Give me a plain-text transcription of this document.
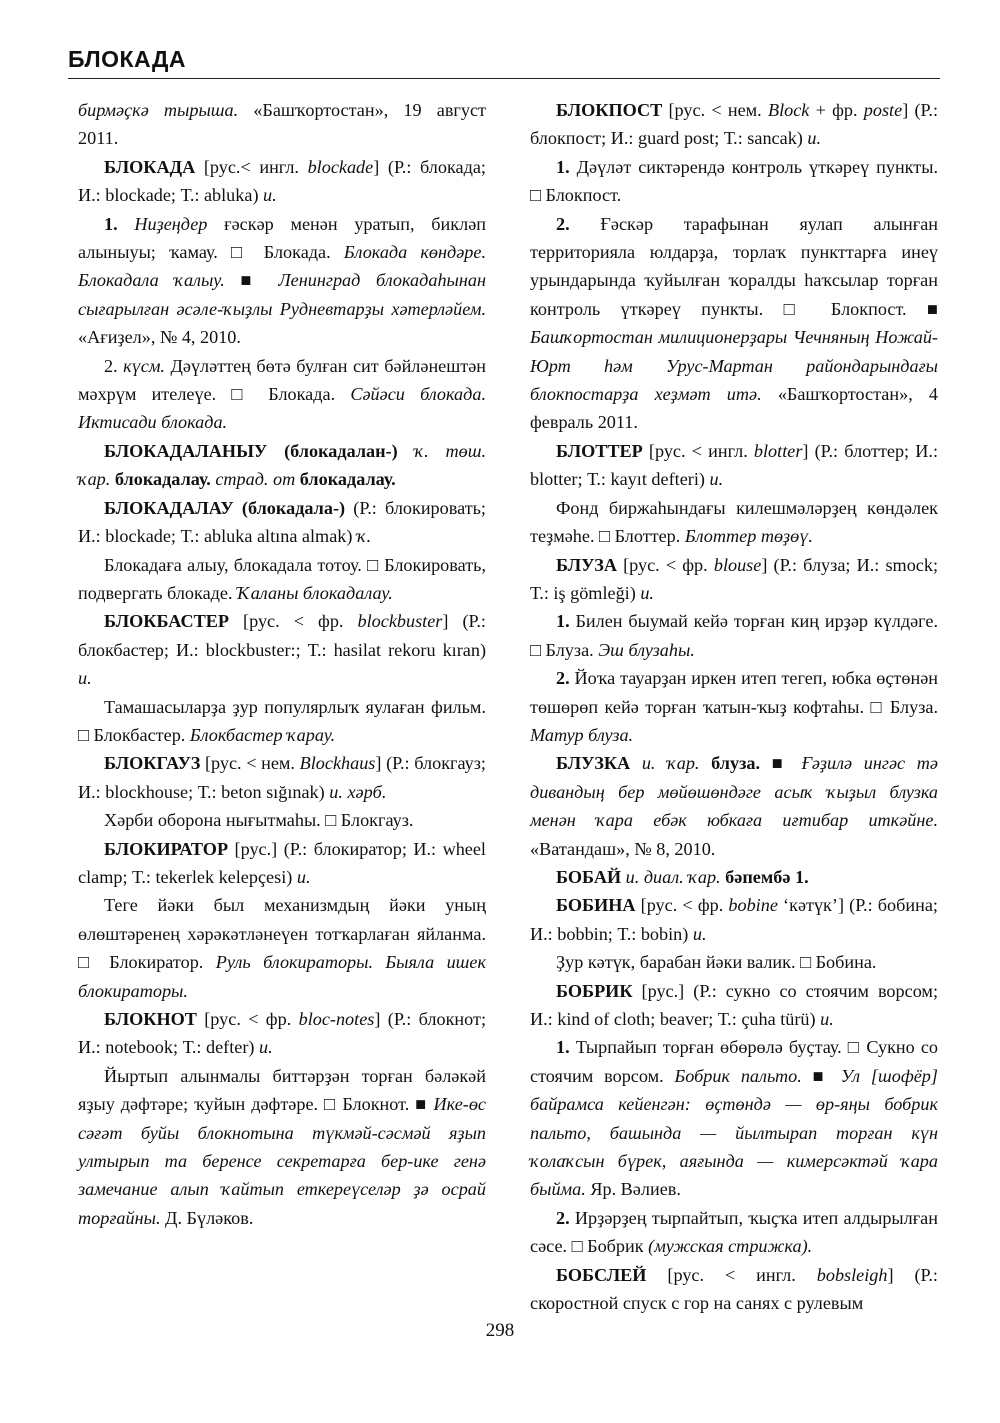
БЛОКАДА

бирмәҫкә тырыша. «Башҡортостан», 19 август 2011.

БЛОКАДА [рус.< ингл. blockade] (Р.: блокада; И.: blockade; Т.: abluka) и.

1. Ниҙеңдер ғәскәр менән уратып, бикләп алыныуы; ҡамау. □ Блокада. Блокада көндәре. Блокадала ҡалыу. ■ Ленинград блокадаһынан сығарылған әсәле-ҡыҙлы Рудневтарҙы хәтерләйем. «Ағиҙел», № 4, 2010.

2. күсм. Дәүләттең бөтә булған сит бәйләнештән мәхрүм ителеүе. □ Блокада. Сәйәси блокада. Иктисади блокада.

БЛОКАДАЛАНЫУ (блокадалан-) ҡ. төш. ҡар. блокадалау. страд. от блокадалау.

БЛОКАДАЛАУ (блокадала-) (Р.: блокировать; И.: blockade; Т.: abluka altına almak) ҡ.

Блокадаға алыу, блокадала тотоу. □ Блокировать, подвергать блокаде. Ҡаланы блокадалау.

БЛОКБАСТЕР [рус. < фр. blockbuster] (Р.: блокбастер; И.: blockbuster:; Т.: hasilat rekoru kıran) и.

Тамашасыларҙа ҙур популярлыҡ яулаған фильм. □ Блокбастер. Блокбастер ҡарау.

БЛОКГАУЗ [рус. < нем. Blockhaus] (Р.: блокгауз; И.: blockhouse; Т.: beton sığınak) и. хәрб.

Хәрби оборона нығытмаһы. □ Блокгауз.

БЛОКИРАТОР [рус.] (Р.: блокиратор; И.: wheel clamp; Т.: tekerlek kelepçesi) и.

Теге йәки был механизмдың йәки уның өлөштәренең хәрәкәтләнеүен тотҡарлаған яйланма. □ Блокиратор. Руль блокираторы. Быяла ишек блокираторы.

БЛОКНОТ [рус. < фр. bloc-notes] (Р.: блокнот; И.: notebook; Т.: defter) и.

Йыртып алынмалы биттәрҙән торған бәләкәй яҙыу дәфтәре; ҡуйын дәфтәре. □ Блокнот. ■ Ике-өс сәғәт буйы блокнотына түкмәй-сәсмәй яҙып ултырып та беренсе секретарға бер-ике генә замечание алып ҡайтып еткереүселәр ҙә осрай торғайны. Д. Бүләков.

БЛОКПОСТ [рус. < нем. Block + фр. poste] (Р.: блокпост; И.: guard post; Т.: sancak) и.

1. Дәүләт сиктәрендә контроль үткәреү пункты. □ Блокпост.

2. Ғәскәр тарафынан яулап алынған территорияла юлдарҙа, торлаҡ пункттарға инеү урындарында ҡуйылған ҡоралды һаҡсылар торған контроль үткәреү пункты. □ Блокпост. ■ Башҡортостан милиционерҙары Чечняның Ножай-Юрт һәм Урус-Мартан райондарындағы блокпостарҙа хеҙмәт итә. «Башҡортостан», 4 февраль 2011.

БЛОТТЕР [рус. < ингл. blotter] (Р.: блоттер; И.: blotter; Т.: kayıt defteri) и.

Фонд биржаһындағы килешмәләрҙең көндәлек теҙмәһе. □ Блоттер. Блоттер төҙөү.

БЛУЗА [рус. < фр. blouse] (Р.: блуза; И.: smock; Т.: iş gömleği) и.

1. Билен быумай кейә торған киң ирҙәр күлдәге. □ Блуза. Эш блузаһы.

2. Йоҡа тауарҙан иркен итеп тегеп, юбка өҫтөнән төшөрөп кейә торған ҡатын-ҡыҙ кофтаһы. □ Блуза. Матур блуза.

БЛУЗКА и. ҡар. блуза. ■ Ғәҙилә ингәс тә дивандың бер мөйөшөндәге асыҡ ҡыҙыл блузка менән ҡара ебәк юбкаға иғтибар иткәйне. «Ватандаш», № 8, 2010.

БОБАЙ и. диал. ҡар. бәпембә 1.

БОБИНА [рус. < фр. bobine ‘кәтүк’] (Р.: бобина; И.: bobbin; Т.: bobin) и.

Ҙур кәтүк, барабан йәки валик. □ Бобина.

БОБРИК [рус.] (Р.: сукно со стоячим ворсом; И.: kind of cloth; beaver; Т.: çuha türü) и.

1. Тырпайып торған өбөрөлә буҫтау. □ Сукно со стоячим ворсом. Бобрик пальто. ■ Ул [шофёр] байрамса кейенгән: өҫтөндә — өр-яңы бобрик пальто, башында — йылтырап торған күн ҡолаҡсын бүрек, аяғында — кимерсәктәй ҡара быйма. Яр. Вәлиев.

2. Ирҙәрҙең тырпайтып, ҡыҫҡа итеп алдырылған сәсе. □ Бобрик (мужская стрижка).

БОБСЛЕЙ [рус. < ингл. bobsleigh] (Р.: скоростной спуск с гор на санях с рулевым

298
